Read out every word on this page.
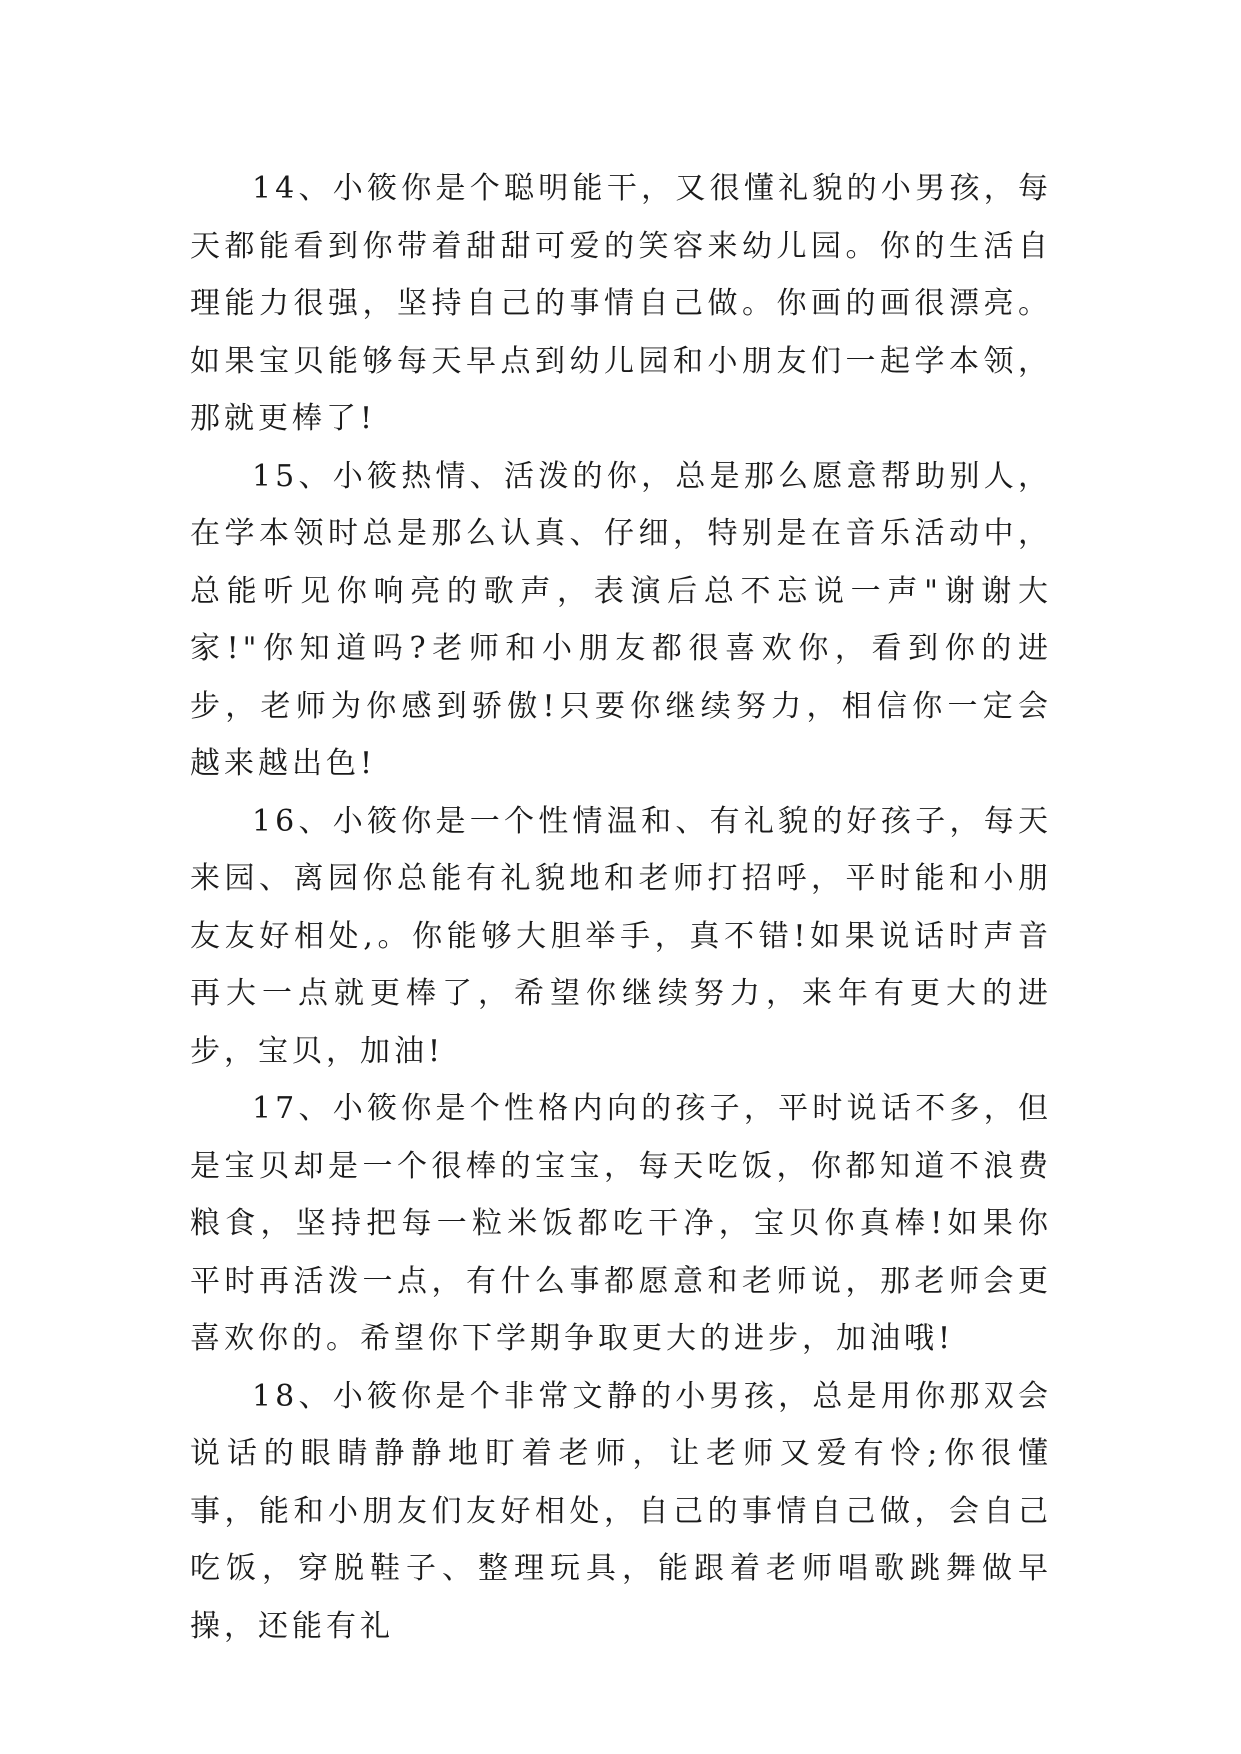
14、小筱你是个聪明能干，又很懂礼貌的小男孩，每天都能看到你带着甜甜可爱的笑容来幼儿园。你的生活自理能力很强，坚持自己的事情自己做。你画的画很漂亮。如果宝贝能够每天早点到幼儿园和小朋友们一起学本领，那就更棒了!

15、小筱热情、活泼的你，总是那么愿意帮助别人，在学本领时总是那么认真、仔细，特别是在音乐活动中，总能听见你响亮的歌声，表演后总不忘说一声"谢谢大家!"你知道吗?老师和小朋友都很喜欢你，看到你的进步，老师为你感到骄傲!只要你继续努力，相信你一定会越来越出色!

16、小筱你是一个性情温和、有礼貌的好孩子，每天来园、离园你总能有礼貌地和老师打招呼，平时能和小朋友友好相处,。你能够大胆举手，真不错!如果说话时声音再大一点就更棒了，希望你继续努力，来年有更大的进步，宝贝，加油!

17、小筱你是个性格内向的孩子，平时说话不多，但是宝贝却是一个很棒的宝宝，每天吃饭，你都知道不浪费粮食，坚持把每一粒米饭都吃干净，宝贝你真棒!如果你平时再活泼一点，有什么事都愿意和老师说，那老师会更喜欢你的。希望你下学期争取更大的进步，加油哦!

18、小筱你是个非常文静的小男孩，总是用你那双会说话的眼睛静静地盯着老师，让老师又爱有怜;你很懂事，能和小朋友们友好相处，自己的事情自己做，会自己吃饭，穿脱鞋子、整理玩具，能跟着老师唱歌跳舞做早操，还能有礼
